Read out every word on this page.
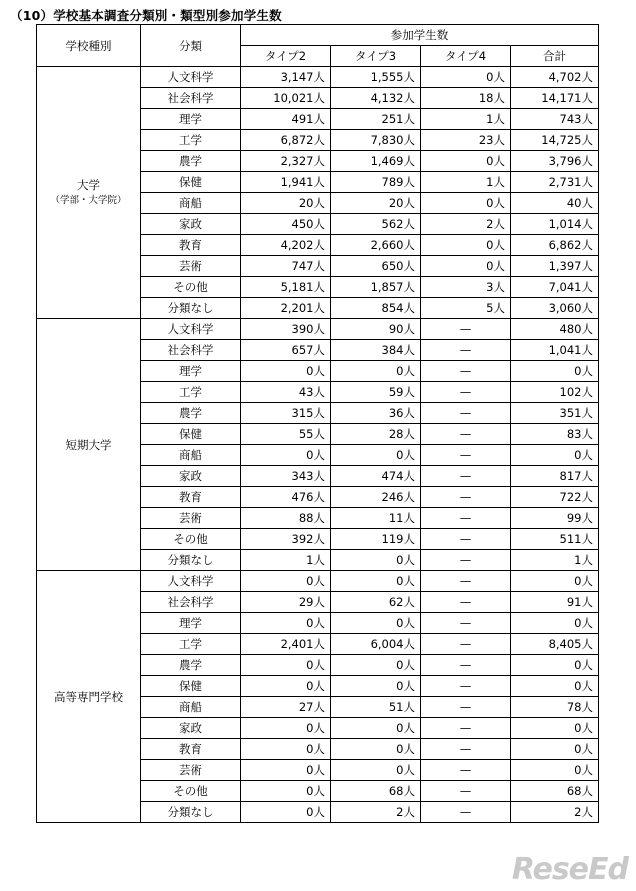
（10）学校基本調査分類別・類型別参加学生数
学校種別	分類	参加学生数			
		タイプ2	タイプ3	タイプ4	合計
大学
（学部・大学院）	人文科学	3,147人	1,555人	0人	4,702人
	社会科学	10,021人	4,132人	18人	14,171人
	理学	491人	251人	1人	743人
	工学	6,872人	7,830人	23人	14,725人
	農学	2,327人	1,469人	0人	3,796人
	保健	1,941人	789人	1人	2,731人
	商船	20人	20人	0人	40人
	家政	450人	562人	2人	1,014人
	教育	4,202人	2,660人	0人	6,862人
	芸術	747人	650人	0人	1,397人
	その他	5,181人	1,857人	3人	7,041人
	分類なし	2,201人	854人	5人	3,060人
短期大学	人文科学	390人	90人	—	480人
	社会科学	657人	384人	—	1,041人
	理学	0人	0人	—	0人
	工学	43人	59人	—	102人
	農学	315人	36人	—	351人
	保健	55人	28人	—	83人
	商船	0人	0人	—	0人
	家政	343人	474人	—	817人
	教育	476人	246人	—	722人
	芸術	88人	11人	—	99人
	その他	392人	119人	—	511人
	分類なし	1人	0人	—	1人
高等専門学校	人文科学	0人	0人	—	0人
	社会科学	29人	62人	—	91人
	理学	0人	0人	—	0人
	工学	2,401人	6,004人	—	8,405人
	農学	0人	0人	—	0人
	保健	0人	0人	—	0人
	商船	27人	51人	—	78人
	家政	0人	0人	—	0人
	教育	0人	0人	—	0人
	芸術	0人	0人	—	0人
	その他	0人	68人	—	68人
	分類なし	0人	2人	—	2人
ReseEd
